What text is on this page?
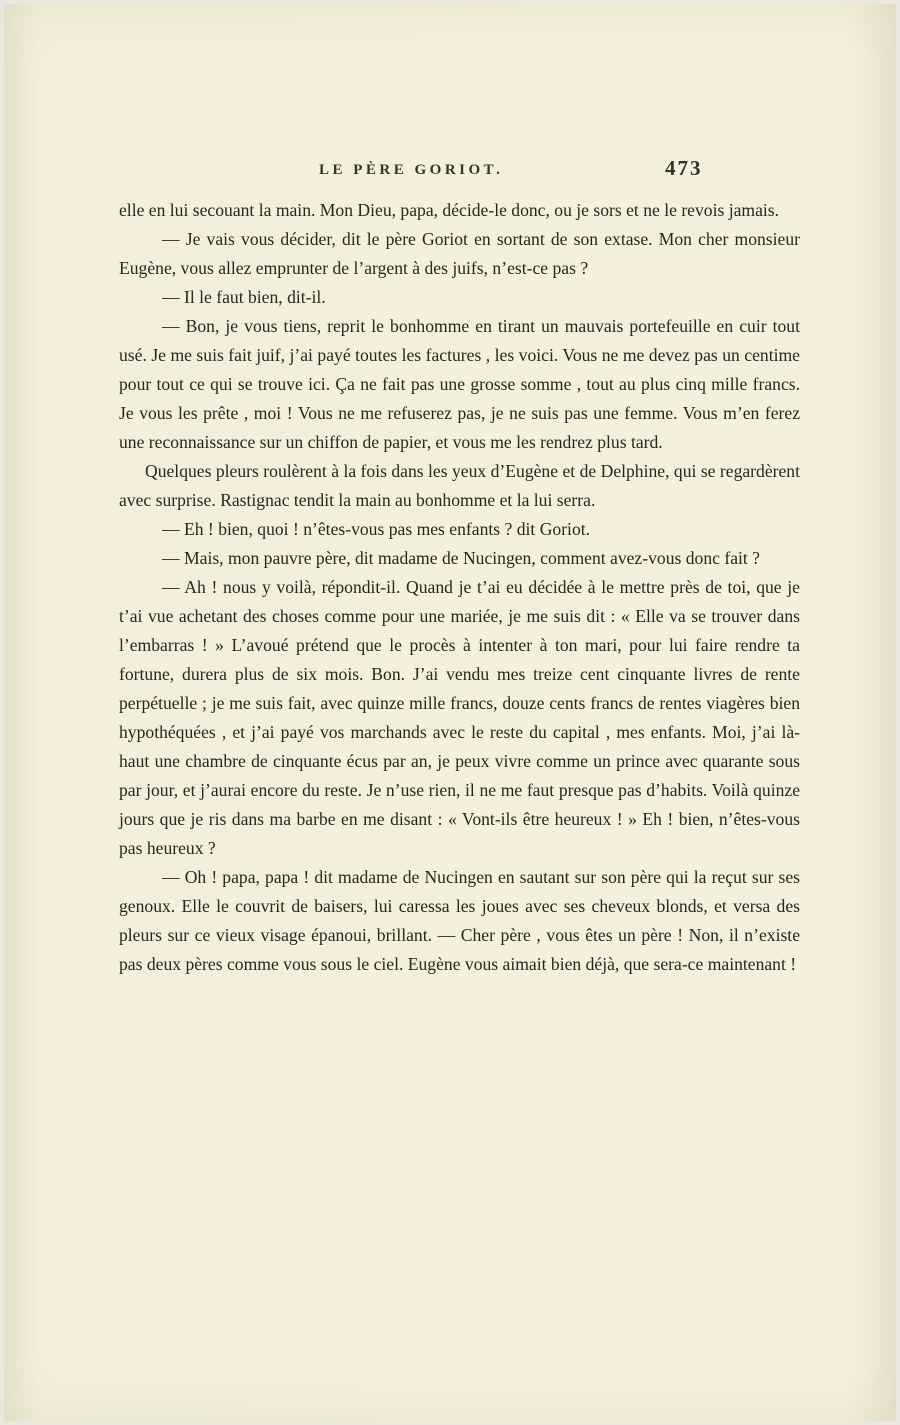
LE PÈRE GORIOT.	473

elle en lui secouant la main. Mon Dieu, papa, décide-le donc, ou je sors et ne le revois jamais.

— Je vais vous décider, dit le père Goriot en sortant de son extase. Mon cher monsieur Eugène, vous allez emprunter de l’argent à des juifs, n’est-ce pas ?

— Il le faut bien, dit-il.

— Bon, je vous tiens, reprit le bonhomme en tirant un mauvais portefeuille en cuir tout usé. Je me suis fait juif, j’ai payé toutes les factures , les voici. Vous ne me devez pas un centime pour tout ce qui se trouve ici. Ça ne fait pas une grosse somme , tout au plus cinq mille francs. Je vous les prête , moi ! Vous ne me refuserez pas, je ne suis pas une femme. Vous m’en ferez une reconnaissance sur un chiffon de papier, et vous me les rendrez plus tard.

Quelques pleurs roulèrent à la fois dans les yeux d’Eugène et de Delphine, qui se regardèrent avec surprise. Rastignac tendit la main au bonhomme et la lui serra.

— Eh ! bien, quoi ! n’êtes-vous pas mes enfants ? dit Goriot.

— Mais, mon pauvre père, dit madame de Nucingen, comment avez-vous donc fait ?

— Ah ! nous y voilà, répondit-il. Quand je t’ai eu décidée à le mettre près de toi, que je t’ai vue achetant des choses comme pour une mariée, je me suis dit : « Elle va se trouver dans l’embarras ! » L’avoué prétend que le procès à intenter à ton mari, pour lui faire rendre ta fortune, durera plus de six mois. Bon. J’ai vendu mes treize cent cinquante livres de rente perpétuelle ; je me suis fait, avec quinze mille francs, douze cents francs de rentes viagères bien hypothéquées , et j’ai payé vos marchands avec le reste du capital , mes enfants. Moi, j’ai là-haut une chambre de cinquante écus par an, je peux vivre comme un prince avec quarante sous par jour, et j’aurai encore du reste. Je n’use rien, il ne me faut presque pas d’habits. Voilà quinze jours que je ris dans ma barbe en me disant : « Vont-ils être heureux ! » Eh ! bien, n’êtes-vous pas heureux ?

— Oh ! papa, papa ! dit madame de Nucingen en sautant sur son père qui la reçut sur ses genoux. Elle le couvrit de baisers, lui caressa les joues avec ses cheveux blonds, et versa des pleurs sur ce vieux visage épanoui, brillant. — Cher père , vous êtes un père ! Non, il n’existe pas deux pères comme vous sous le ciel. Eugène vous aimait bien déjà, que sera-ce maintenant !
